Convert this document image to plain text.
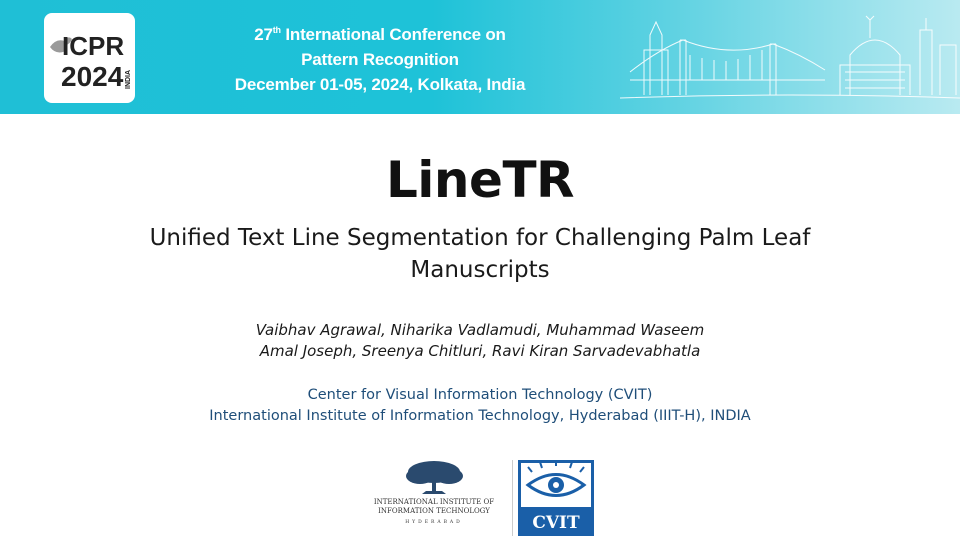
ICPR
2024 INDIA
27th International Conference on
Pattern Recognition
December 01-05, 2024, Kolkata, India
LineTR
Unified Text Line Segmentation for Challenging Palm Leaf
Manuscripts
Vaibhav Agrawal, Niharika Vadlamudi, Muhammad Waseem
Amal Joseph, Sreenya Chitluri, Ravi Kiran Sarvadevabhatla
Center for Visual Information Technology (CVIT)
International Institute of Information Technology, Hyderabad (IIIT-H), INDIA
INTERNATIONAL INSTITUTE OF
INFORMATION TECHNOLOGY
HYDERABAD	CVIT
